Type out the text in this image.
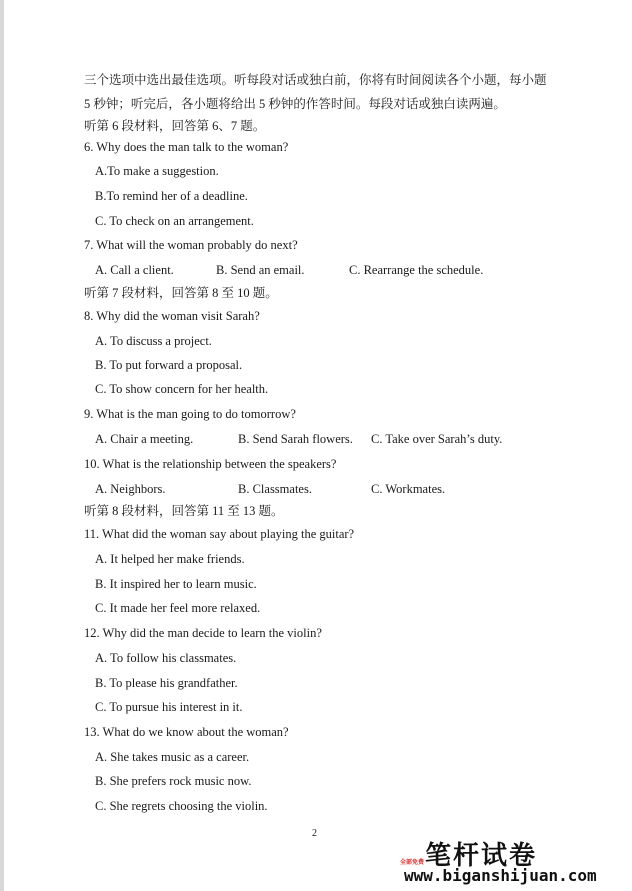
三个选项中选出最佳选项。听每段对话或独白前，你将有时间阅读各个小题，每小题
5 秒钟；听完后，各小题将给出 5 秒钟的作答时间。每段对话或独白读两遍。
听第 6 段材料，回答第 6、7 题。
6. Why does the man talk to the woman?
A.To make a suggestion.
B.To remind her of a deadline.
C. To check on an arrangement.
7. What will the woman probably do next?
A. Call a client.	B. Send an email.	C. Rearrange the schedule.
听第 7 段材料，回答第 8 至 10 题。
8. Why did the woman visit Sarah?
A. To discuss a project.
B. To put forward a proposal.
C. To show concern for her health.
9. What is the man going to do tomorrow?
A. Chair a meeting.	B. Send Sarah flowers. C. Take over Sarah’s duty.
10. What is the relationship between the speakers?
A. Neighbors.	B. Classmates.	C. Workmates.
听第 8 段材料，回答第 11 至 13 题。
11. What did the woman say about playing the guitar?
A. It helped her make friends.
B. It inspired her to learn music.
C. It made her feel more relaxed.
12. Why did the man decide to learn the violin?
A. To follow his classmates.
B. To please his grandfather.
C. To pursue his interest in it.
13. What do we know about the woman?
A. She takes music as a career.
B. She prefers rock music now.
C. She regrets choosing the violin.
2
笔杆试卷
全部免费
www.biganshijuan.com
